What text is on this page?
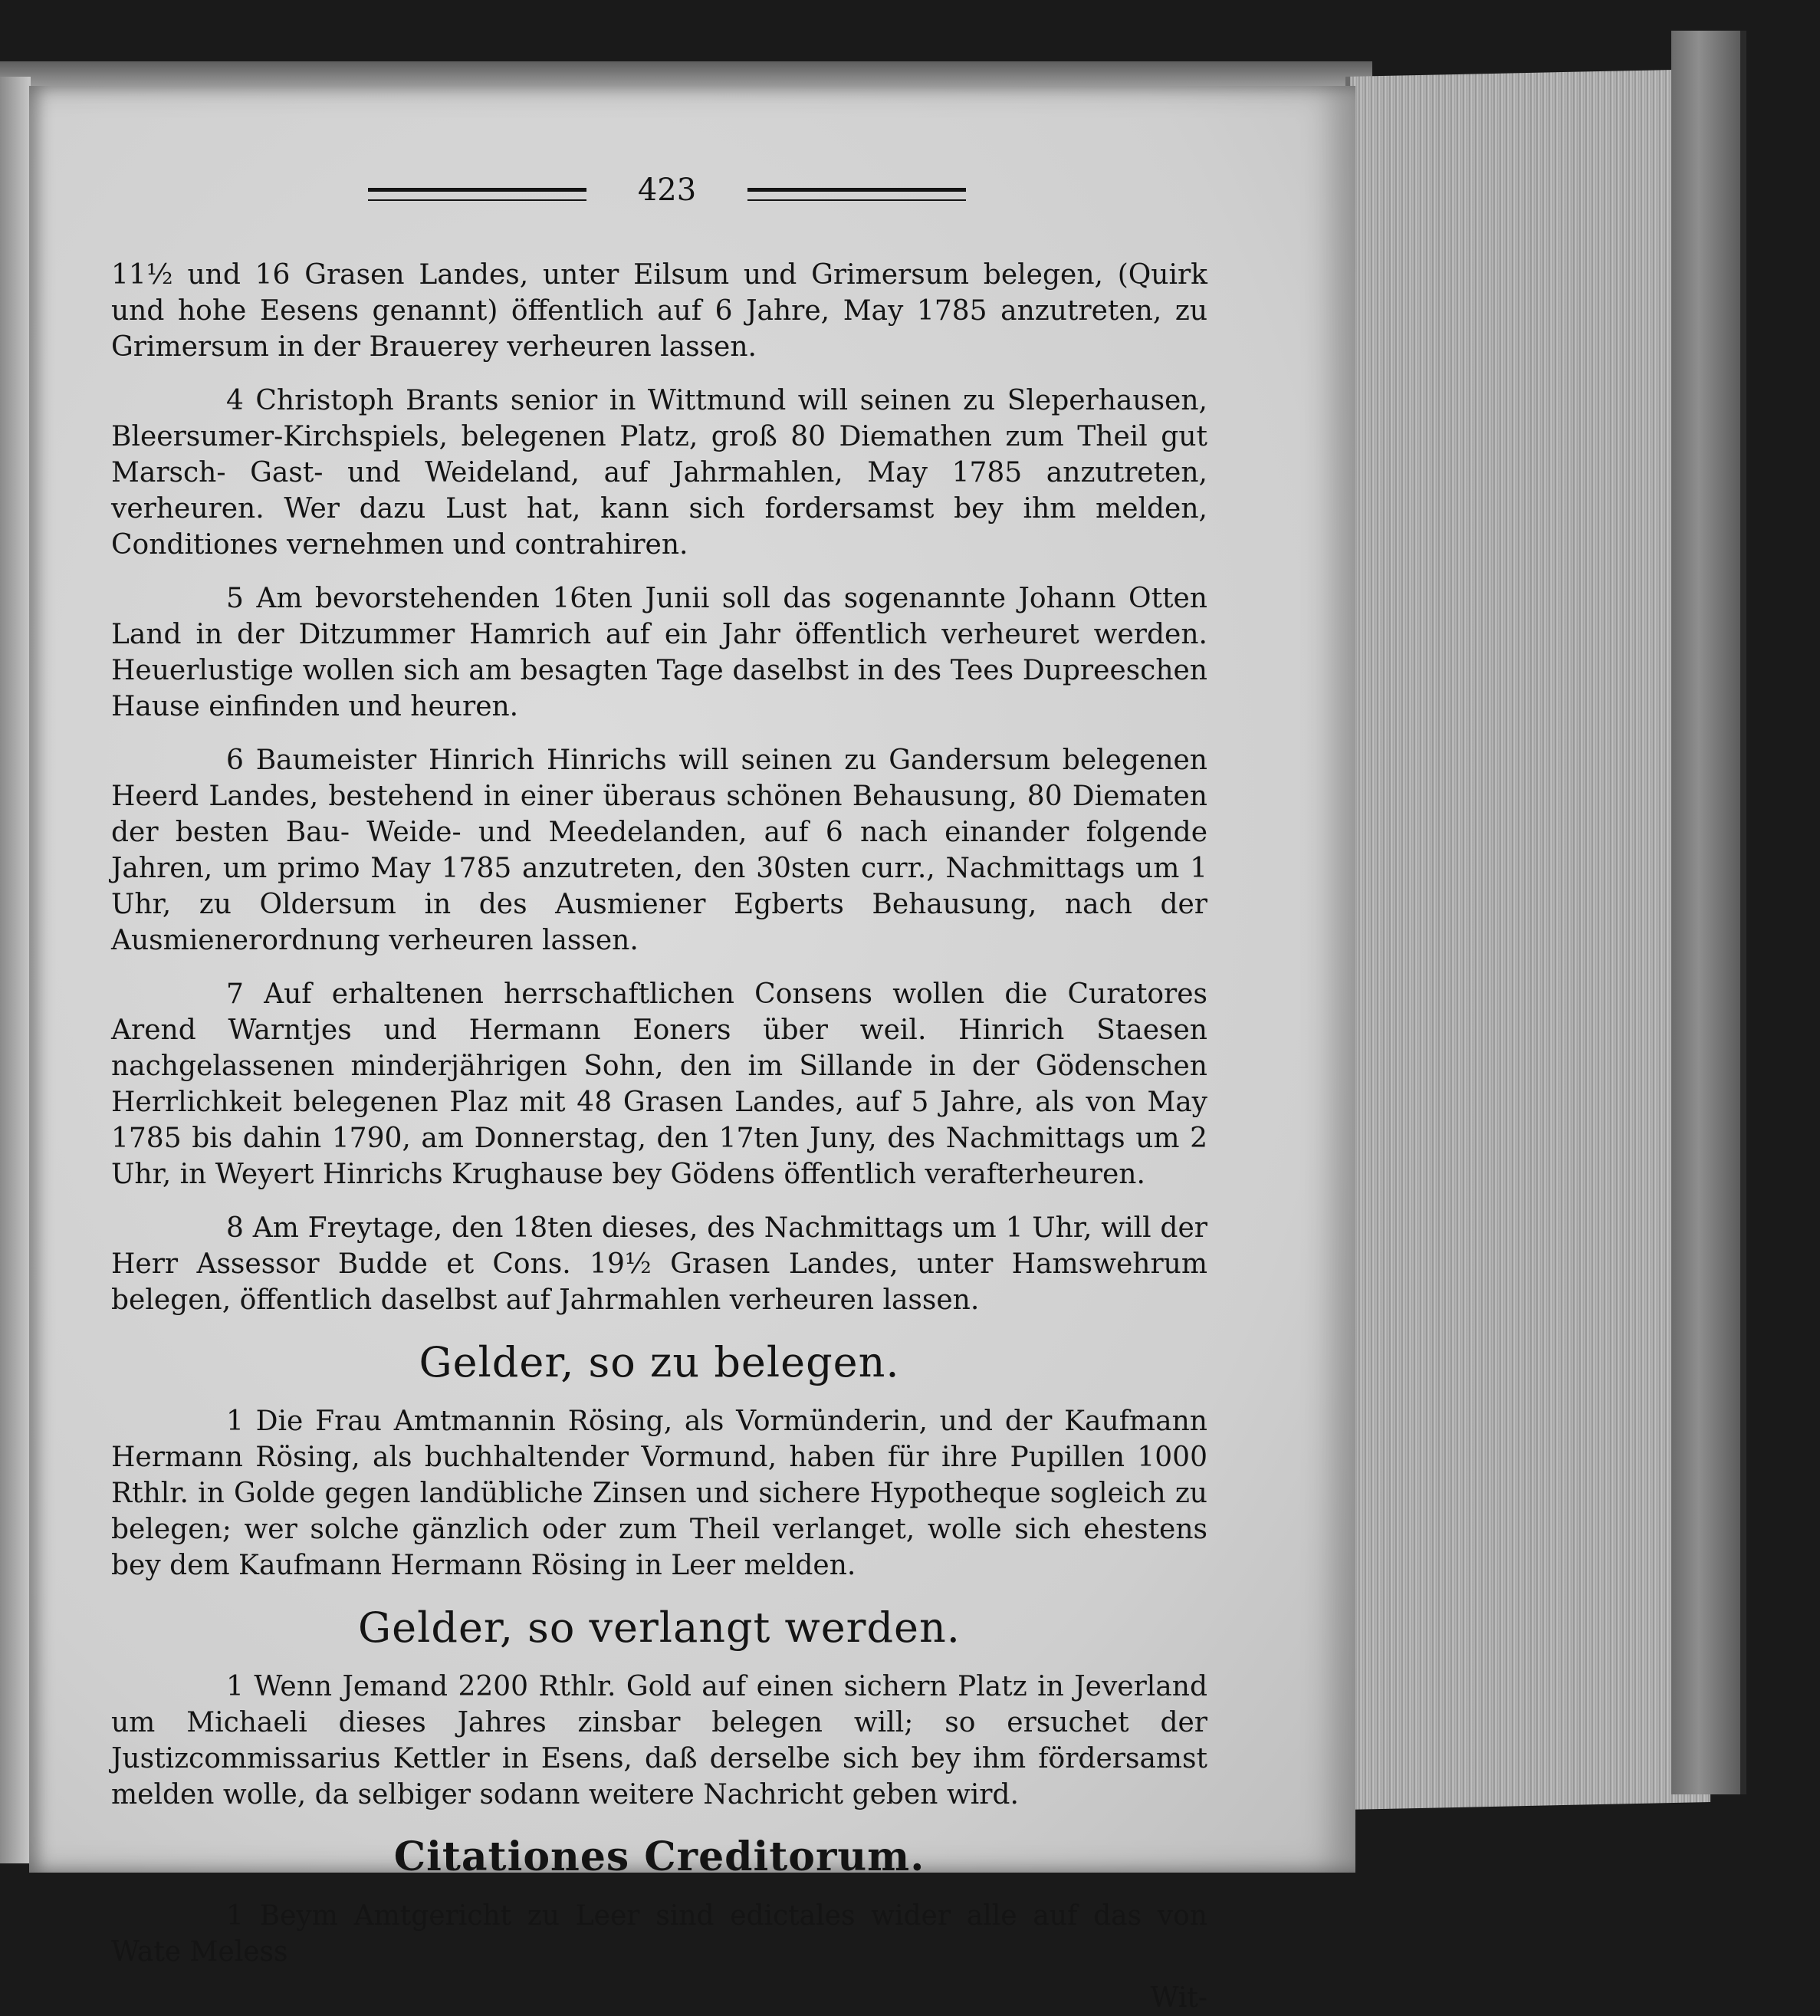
423

11½ und 16 Grasen Landes, unter Eilsum und Grimersum belegen, (Quirk und hohe Eesens genannt) öffentlich auf 6 Jahre, May 1785 anzutreten, zu Grimersum in der Brauerey verheuren lassen.

4 Christoph Brants senior in Wittmund will seinen zu Sleperhausen, Bleersumer-Kirchspiels, belegenen Platz, groß 80 Diemathen zum Theil gut Marsch- Gast- und Weideland, auf Jahrmahlen, May 1785 anzutreten, verheuren. Wer dazu Lust hat, kann sich fordersamst bey ihm melden, Conditiones vernehmen und contrahiren.

5 Am bevorstehenden 16ten Junii soll das sogenannte Johann Otten Land in der Ditzummer Hamrich auf ein Jahr öffentlich verheuret werden. Heuerlustige wollen sich am besagten Tage daselbst in des Tees Dupreeschen Hause einfinden und heuren.

6 Baumeister Hinrich Hinrichs will seinen zu Gandersum belegenen Heerd Landes, bestehend in einer überaus schönen Behausung, 80 Diematen der besten Bau- Weide- und Meedelanden, auf 6 nach einander folgende Jahren, um primo May 1785 anzutreten, den 30sten curr., Nachmittags um 1 Uhr, zu Oldersum in des Ausmiener Egberts Behausung, nach der Ausmienerordnung verheuren lassen.

7 Auf erhaltenen herrschaftlichen Consens wollen die Curatores Arend Warntjes und Hermann Eoners über weil. Hinrich Staesen nachgelassenen minderjährigen Sohn, den im Sillande in der Gödenschen Herrlichkeit belegenen Plaz mit 48 Grasen Landes, auf 5 Jahre, als von May 1785 bis dahin 1790, am Donnerstag, den 17ten Juny, des Nachmittags um 2 Uhr, in Weyert Hinrichs Krughause bey Gödens öffentlich verafterheuren.

8 Am Freytage, den 18ten dieses, des Nachmittags um 1 Uhr, will der Herr Assessor Budde et Cons. 19½ Grasen Landes, unter Hamswehrum belegen, öffentlich daselbst auf Jahrmahlen verheuren lassen.

Gelder, so zu belegen.

1 Die Frau Amtmannin Rösing, als Vormünderin, und der Kaufmann Hermann Rösing, als buchhaltender Vormund, haben für ihre Pupillen 1000 Rthlr. in Golde gegen landübliche Zinsen und sichere Hypotheque sogleich zu belegen; wer solche gänzlich oder zum Theil verlanget, wolle sich ehestens bey dem Kaufmann Hermann Rösing in Leer melden.

Gelder, so verlangt werden.

1 Wenn Jemand 2200 Rthlr. Gold auf einen sichern Platz in Jeverland um Michaeli dieses Jahres zinsbar belegen will; so ersuchet der Justizcommissarius Kettler in Esens, daß derselbe sich bey ihm fördersamst melden wolle, da selbiger sodann weitere Nachricht geben wird.

Citationes Creditorum.

1 Beym Amtgericht zu Leer sind edictales wider alle auf das von Wate Meless

Wit-
